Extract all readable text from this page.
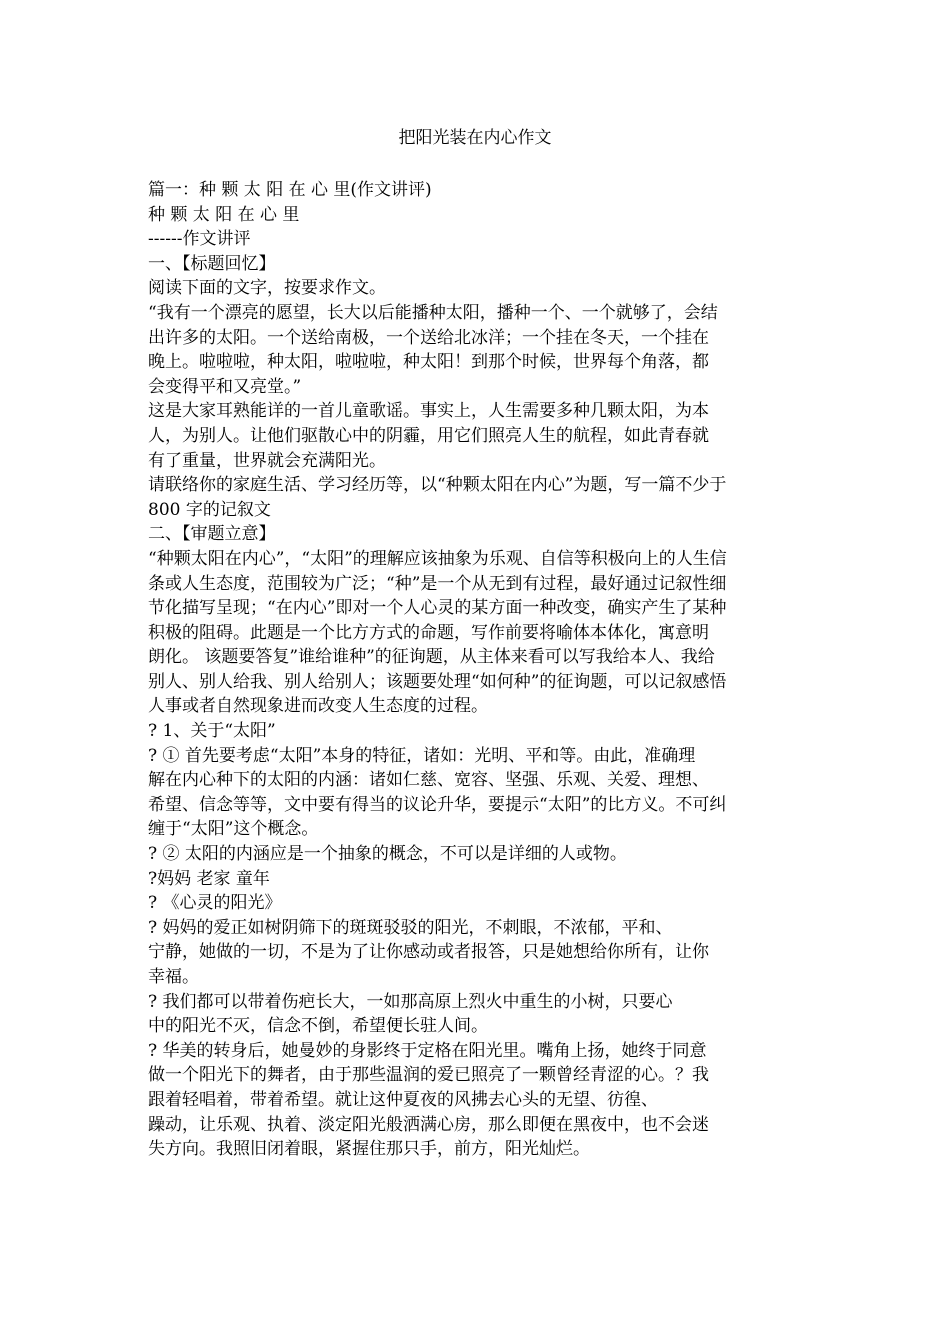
把阳光装在内心作文
篇一：种 颗 太 阳 在 心 里(作文讲评)
种 颗 太 阳 在 心 里
------作文讲评
一、【标题回忆】
阅读下面的文字，按要求作文。
“我有一个漂亮的愿望，长大以后能播种太阳，播种一个、一个就够了，会结
出许多的太阳。一个送给南极，一个送给北冰洋；一个挂在冬天，一个挂在
晚上。啦啦啦，种太阳，啦啦啦，种太阳！到那个时候，世界每个角落，都
会变得平和又亮堂。”
这是大家耳熟能详的一首儿童歌谣。事实上，人生需要多种几颗太阳，为本
人，为别人。让他们驱散心中的阴霾，用它们照亮人生的航程，如此青春就
有了重量，世界就会充满阳光。
请联络你的家庭生活、学习经历等，以“种颗太阳在内心”为题，写一篇不少于
800 字的记叙文
二、【审题立意】
“种颗太阳在内心”，“太阳”的理解应该抽象为乐观、自信等积极向上的人生信
条或人生态度，范围较为广泛；“种”是一个从无到有过程，最好通过记叙性细
节化描写呈现；“在内心”即对一个人心灵的某方面一种改变，确实产生了某种
积极的阻碍。此题是一个比方方式的命题，写作前要将喻体本体化，寓意明
朗化。 该题要答复”谁给谁种”的征询题，从主体来看可以写我给本人、我给
别人、别人给我、别人给别人；该题要处理“如何种”的征询题，可以记叙感悟
人事或者自然现象进而改变人生态度的过程。
? 1、关于“太阳”
? ① 首先要考虑“太阳”本身的特征，诸如：光明、平和等。由此，准确理
解在内心种下的太阳的内涵：诸如仁慈、宽容、坚强、乐观、关爱、理想、
希望、信念等等，文中要有得当的议论升华，要提示“太阳”的比方义。不可纠
缠于“太阳”这个概念。
? ② 太阳的内涵应是一个抽象的概念，不可以是详细的人或物。
?妈妈 老家 童年
? 《心灵的阳光》
? 妈妈的爱正如树阴筛下的斑斑驳驳的阳光，不刺眼，不浓郁，平和、
宁静，她做的一切，不是为了让你感动或者报答，只是她想给你所有，让你
幸福。
? 我们都可以带着伤疤长大，一如那高原上烈火中重生的小树，只要心
中的阳光不灭，信念不倒，希望便长驻人间。
? 华美的转身后，她曼妙的身影终于定格在阳光里。嘴角上扬，她终于同意
做一个阳光下的舞者，由于那些温润的爱已照亮了一颗曾经青涩的心。？我
跟着轻唱着，带着希望。就让这仲夏夜的风拂去心头的无望、彷徨、
躁动，让乐观、执着、淡定阳光般洒满心房，那么即便在黑夜中，也不会迷
失方向。我照旧闭着眼，紧握住那只手，前方，阳光灿烂。
